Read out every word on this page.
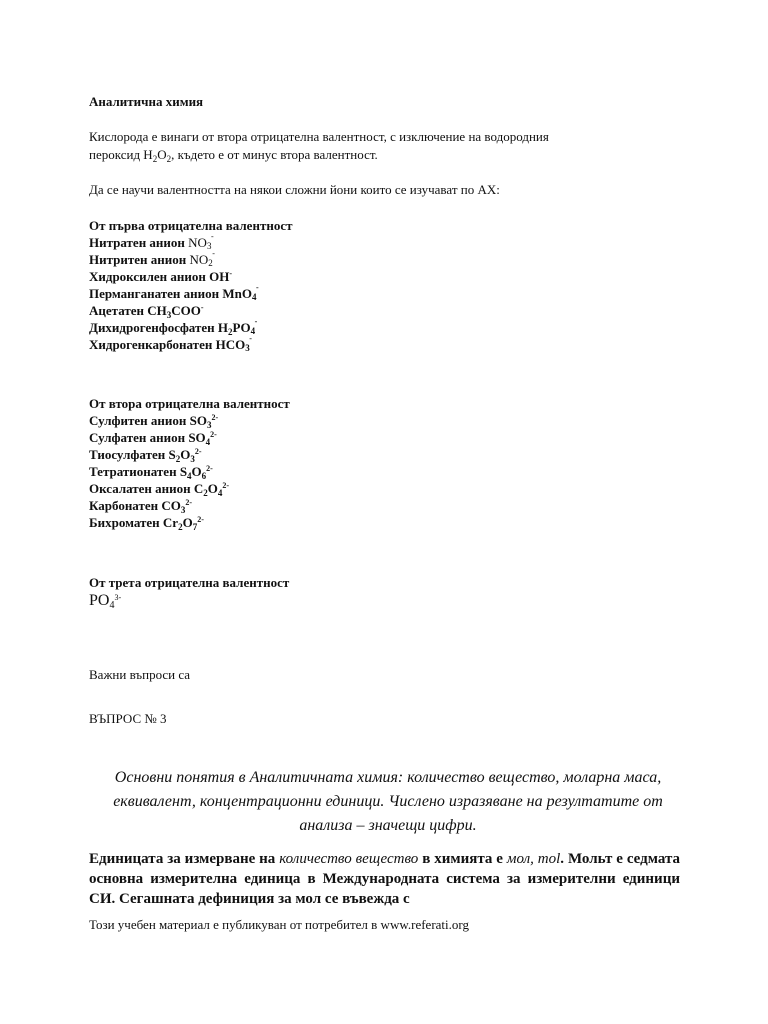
Аналитична химия

Кислорода е винаги от втора отрицателна валентност, с изключение на водородния
пероксид $H_2O_2$, където е от минус втора валентност.

Да се научи валентността на някои сложни йони които се изучават по АХ:

От първа отрицателна валентност
Нитратен анион NO 3
-
Нитритен анион NO 2
-
Хидроксилен анион OH-
Перманганатен анион MnO 4
-
Ацетатен $CH_3COO^-$
Дихидрогенфосфатен $H_2PO$ 4
-
Хидрогенкарбонатен HCO 3
-
От втора отрицателна валентност
Сулфитен анион $SO_3^{2-}$
Сулфатен анион $SO_4^{2-}$
Тиосулфатен $S_2O_3^{2-}$
Тетратионатен $S_4O_6^{2-}$
Оксалатен анион $C_2O_4^{2-}$
Карбонатен $CO_3^{2-}$
Бихроматен $Cr_2O_7^{2-}$
От трета отрицателна валентност
$PO_4^{3-}$

Важни въпроси са

ВЪПРОС № 3

Основни понятия в Аналитичната химия: количество вещество, моларна маса, еквивалент, концентрационни единици. Числено изразяване на резултатите от анализа – значещи цифри.

Единицата за измерване на количество вещество в химията е мол, mol. Мольт е седмата основна измерителна единица в Международната система за измерителни единици СИ. Сегашната дефиниция за мол се въвежда с

Този учебен материал е публикуван от потребител в www.referati.org
